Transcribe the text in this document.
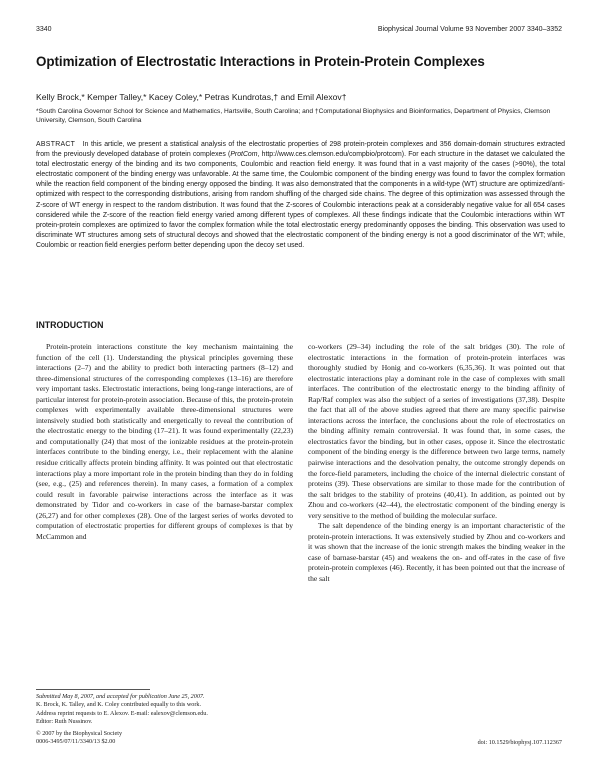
3340	Biophysical Journal Volume 93 November 2007 3340–3352
Optimization of Electrostatic Interactions in Protein-Protein Complexes
Kelly Brock,* Kemper Talley,* Kacey Coley,* Petras Kundrotas,† and Emil Alexov†
*South Carolina Governor School for Science and Mathematics, Hartsville, South Carolina; and †Computational Biophysics and Bioinformatics, Department of Physics, Clemson University, Clemson, South Carolina
ABSTRACT In this article, we present a statistical analysis of the electrostatic properties of 298 protein-protein complexes and 356 domain-domain structures extracted from the previously developed database of protein complexes (ProtCom, http://www.ces.clemson.edu/compbio/protcom). For each structure in the dataset we calculated the total electrostatic energy of the binding and its two components, Coulombic and reaction field energy. It was found that in a vast majority of the cases (>90%), the total electrostatic component of the binding energy was unfavorable. At the same time, the Coulombic component of the binding energy was found to favor the complex formation while the reaction field component of the binding energy opposed the binding. It was also demonstrated that the components in a wild-type (WT) structure are optimized/anti-optimized with respect to the corresponding distributions, arising from random shuffling of the charged side chains. The degree of this optimization was assessed through the Z-score of WT energy in respect to the random distribution. It was found that the Z-scores of Coulombic interactions peak at a considerably negative value for all 654 cases considered while the Z-score of the reaction field energy varied among different types of complexes. All these findings indicate that the Coulombic interactions within WT protein-protein complexes are optimized to favor the complex formation while the total electrostatic energy predominantly opposes the binding. This observation was used to discriminate WT structures among sets of structural decoys and showed that the electrostatic component of the binding energy is not a good discriminator of the WT; while, Coulombic or reaction field energies perform better depending upon the decoy set used.
INTRODUCTION

Protein-protein interactions constitute the key mechanism maintaining the function of the cell (1). Understanding the physical principles governing these interactions (2–7) and the ability to predict both interacting partners (8–12) and three-dimensional structures of the corresponding complexes (13–16) are therefore very important tasks. Electrostatic interactions, being long-range interactions, are of particular interest for protein-protein association. Because of this, the protein-protein complexes with experimentally available three-dimensional structures were intensively studied both statistically and energetically to reveal the contribution of the electrostatic energy to the binding (17–21). It was found experimentally (22,23) and computationally (24) that most of the ionizable residues at the protein-protein interfaces contribute to the binding energy, i.e., their replacement with the alanine residue critically affects protein binding affinity. It was pointed out that electrostatic interactions play a more important role in the protein binding than they do in folding (see, e.g., (25) and references therein). In many cases, a formation of a complex could result in favorable pairwise interactions across the interface as it was demonstrated by Tidor and co-workers in case of the barnase-barstar complex (26,27) and for other complexes (28). One of the largest series of works devoted to computation of electrostatic properties for different groups of complexes is that by McCammon and

co-workers (29–34) including the role of the salt bridges (30). The role of electrostatic interactions in the formation of protein-protein interfaces was thoroughly studied by Honig and co-workers (6,35,36). It was pointed out that electrostatic interactions play a dominant role in the case of complexes with small interfaces. The contribution of the electrostatic energy to the binding affinity of Rap/Raf complex was also the subject of a series of investigations (37,38). Despite the fact that all of the above studies agreed that there are many specific pairwise interactions across the interface, the conclusions about the role of electrostatics on the binding affinity remain controversial. It was found that, in some cases, the electrostatics favor the binding, but in other cases, oppose it. Since the electrostatic component of the binding energy is the difference between two large terms, namely pairwise interactions and the desolvation penalty, the outcome strongly depends on the force-field parameters, including the choice of the internal dielectric constant of proteins (39). These observations are similar to those made for the contribution of the salt bridges to the stability of proteins (40,41). In addition, as pointed out by Zhou and co-workers (42–44), the electrostatic component of the binding energy is very sensitive to the method of building the molecular surface.

The salt dependence of the binding energy is an important characteristic of the protein-protein interactions. It was extensively studied by Zhou and co-workers and it was shown that the increase of the ionic strength makes the binding weaker in the case of barnase-barstar (45) and weakens the on- and off-rates in the case of five protein-protein complexes (46). Recently, it has been pointed out that the increase of the salt

Submitted May 8, 2007, and accepted for publication June 25, 2007.
K. Brock, K. Talley, and K. Coley contributed equally to this work.
Address reprint requests to E. Alexov. E-mail: ealexov@clemson.edu.
Editor: Ruth Nussinov.
© 2007 by the Biophysical Society
0006-3495/07/11/3340/13 $2.00	doi: 10.1529/biophysj.107.112367
